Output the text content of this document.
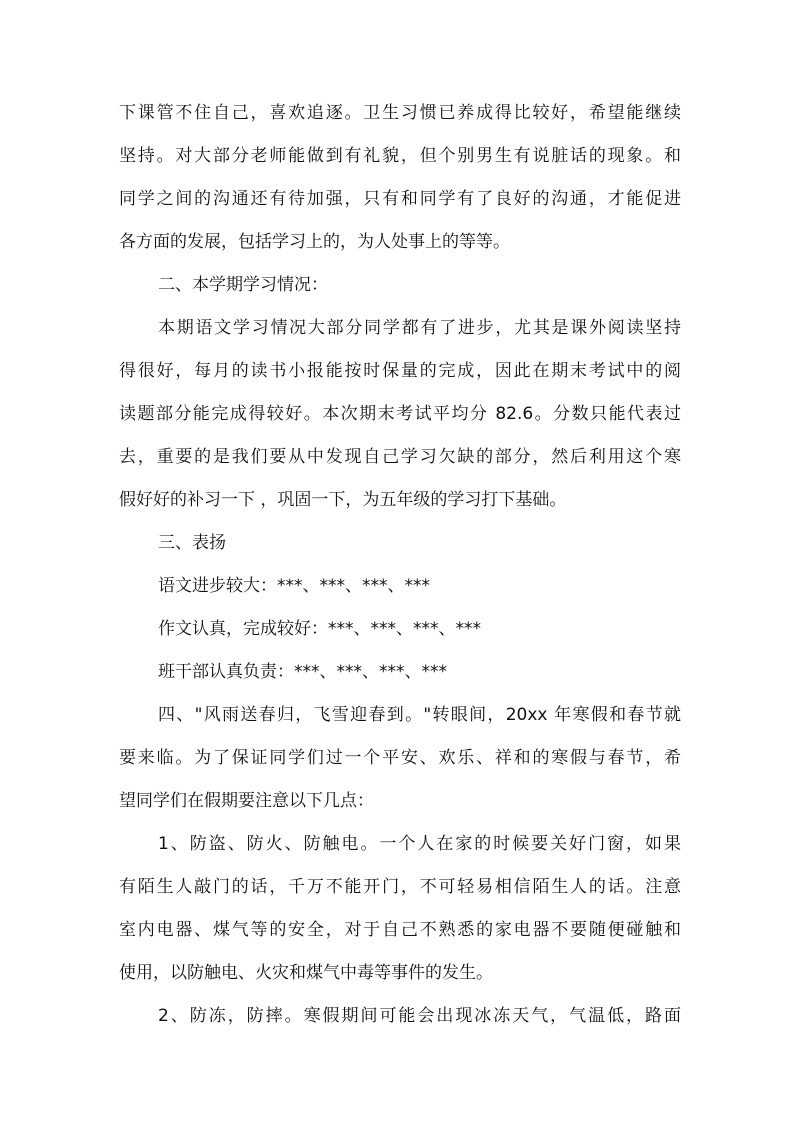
下课管不住自己，喜欢追逐。卫生习惯已养成得比较好，希望能继续
坚持。对大部分老师能做到有礼貌，但个别男生有说脏话的现象。和
同学之间的沟通还有待加强，只有和同学有了良好的沟通，才能促进
各方面的发展，包括学习上的，为人处事上的等等。
二、本学期学习情况：
本期语文学习情况大部分同学都有了进步，尤其是课外阅读坚持
得很好，每月的读书小报能按时保量的完成，因此在期末考试中的阅
读题部分能完成得较好。本次期末考试平均分 82.6。分数只能代表过
去，重要的是我们要从中发现自己学习欠缺的部分，然后利用这个寒
假好好的补习一下 ，巩固一下，为五年级的学习打下基础。
三、表扬
语文进步较大：***、***、***、***
作文认真，完成较好：***、***、***、***
班干部认真负责：***、***、***、***
四、"风雨送春归，飞雪迎春到。"转眼间，20xx 年寒假和春节就
要来临。为了保证同学们过一个平安、欢乐、祥和的寒假与春节，希
望同学们在假期要注意以下几点：
1、防盗、防火、防触电。一个人在家的时候要关好门窗，如果
有陌生人敲门的话，千万不能开门，不可轻易相信陌生人的话。注意
室内电器、煤气等的安全，对于自己不熟悉的家电器不要随便碰触和
使用，以防触电、火灾和煤气中毒等事件的发生。
2、防冻，防摔。寒假期间可能会出现冰冻天气，气温低，路面
